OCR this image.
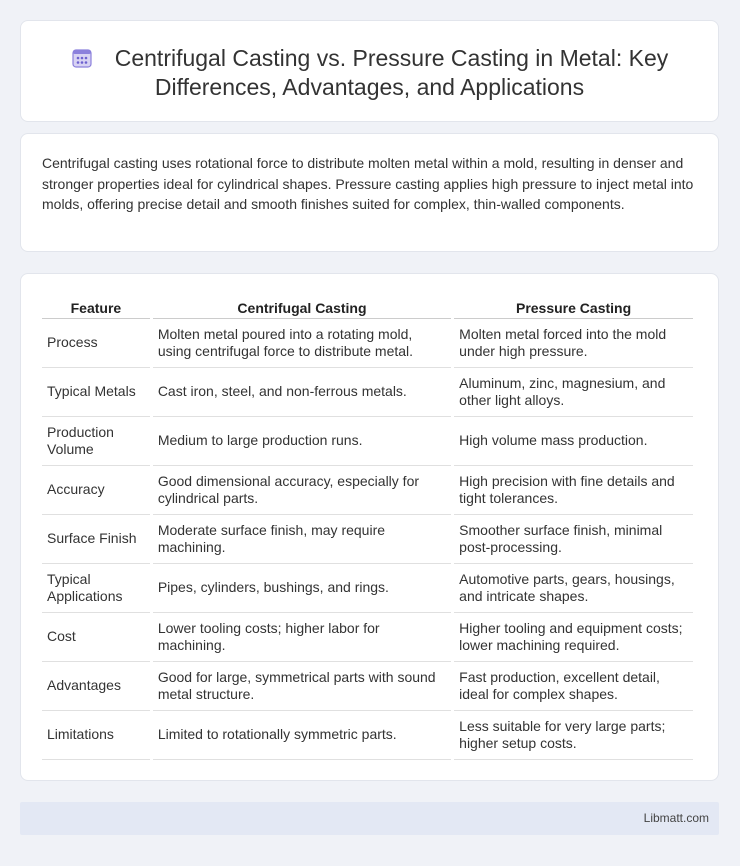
Centrifugal Casting vs. Pressure Casting in Metal: Key Differences, Advantages, and Applications

Centrifugal casting uses rotational force to distribute molten metal within a mold, resulting in denser and stronger properties ideal for cylindrical shapes. Pressure casting applies high pressure to inject metal into molds, offering precise detail and smooth finishes suited for complex, thin-walled components.

Feature	Centrifugal Casting	Pressure Casting
Process	Molten metal poured into a rotating mold, using centrifugal force to distribute metal.	Molten metal forced into the mold under high pressure.
Typical Metals	Cast iron, steel, and non-ferrous metals.	Aluminum, zinc, magnesium, and other light alloys.
Production Volume	Medium to large production runs.	High volume mass production.
Accuracy	Good dimensional accuracy, especially for cylindrical parts.	High precision with fine details and tight tolerances.
Surface Finish	Moderate surface finish, may require machining.	Smoother surface finish, minimal post-processing.
Typical Applications	Pipes, cylinders, bushings, and rings.	Automotive parts, gears, housings, and intricate shapes.
Cost	Lower tooling costs; higher labor for machining.	Higher tooling and equipment costs; lower machining required.
Advantages	Good for large, symmetrical parts with sound metal structure.	Fast production, excellent detail, ideal for complex shapes.
Limitations	Limited to rotationally symmetric parts.	Less suitable for very large parts; higher setup costs.
Libmatt.com
